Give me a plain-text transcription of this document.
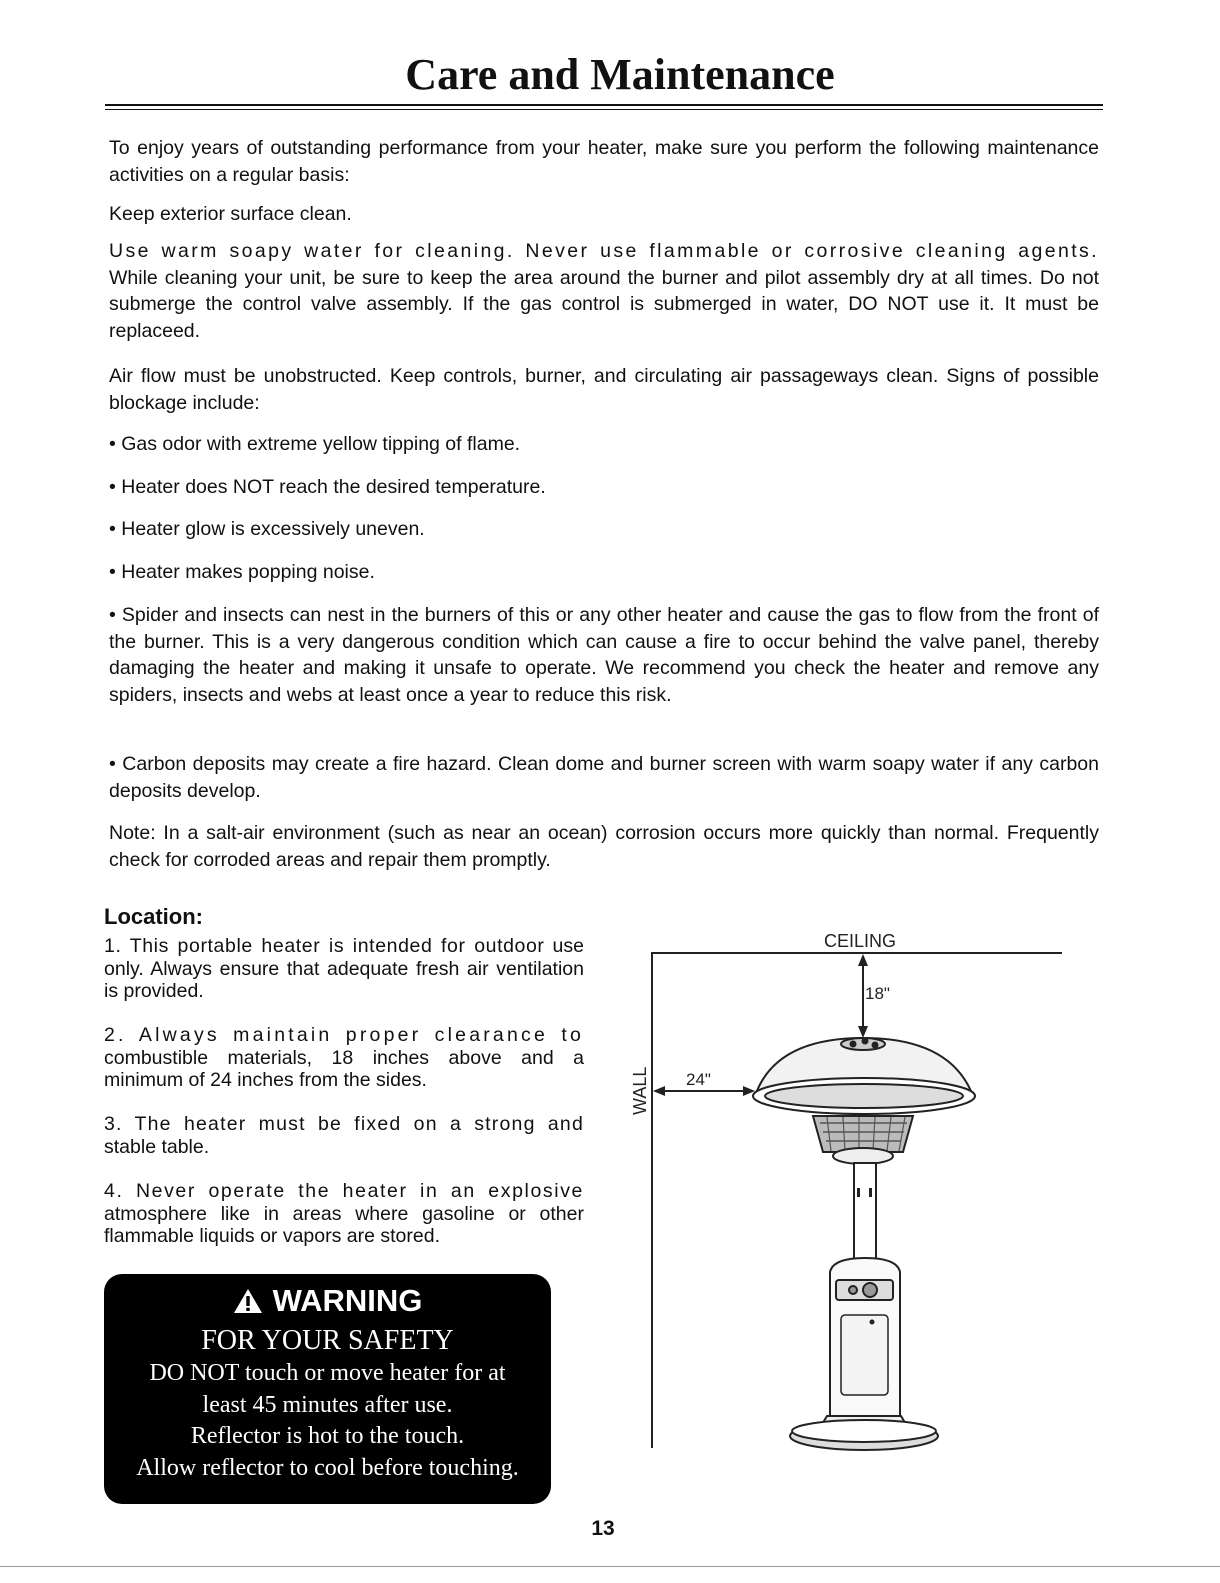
Care and Maintenance

To enjoy years of outstanding performance from your heater, make sure you perform the following maintenance activities on a regular basis:

Keep exterior surface clean.

Use warm soapy water for cleaning. Never use flammable or corrosive cleaning agents. While cleaning your unit, be sure to keep the area around the burner and pilot assembly dry at all times. Do not submerge the control valve assembly. If the gas control is submerged in water, DO NOT use it. It must be replaceed.

Air flow must be unobstructed. Keep controls, burner, and circulating air passageways clean. Signs of possible blockage include:

• Gas odor with extreme yellow tipping of flame.

• Heater does NOT reach the desired temperature.

• Heater glow is excessively uneven.

• Heater makes popping noise.

• Spider and insects can nest in the burners of this or any other heater and cause the gas to flow from the front of the burner. This is a very dangerous condition which can cause a fire to occur behind the valve panel, thereby damaging the heater and making it unsafe to operate. We recommend you check the heater and remove any spiders, insects and webs at least once a year to reduce this risk.

• Carbon deposits may create a fire hazard. Clean dome and burner screen with warm soapy water if any carbon deposits develop.

Note: In a salt-air environment (such as near an ocean) corrosion occurs more quickly than normal. Frequently check for corroded areas and repair them promptly.

Location:
1. This portable heater is intended for outdoor use only. Always ensure that adequate fresh air ventilation is provided.
2. Always maintain proper clearance to combustible materials, 18 inches above and a minimum of 24 inches from the sides.
3. The heater must be fixed on a strong and stable table.
4. Never operate the heater in an explosive atmosphere like in areas where gasoline or other flammable liquids or vapors are stored.

WARNING

FOR YOUR SAFETY

DO NOT touch or move heater for at

least 45 minutes after use.

Reflector is hot to the touch.

Allow reflector to cool before touching.

CEILING
WALL
18"
24"

13
